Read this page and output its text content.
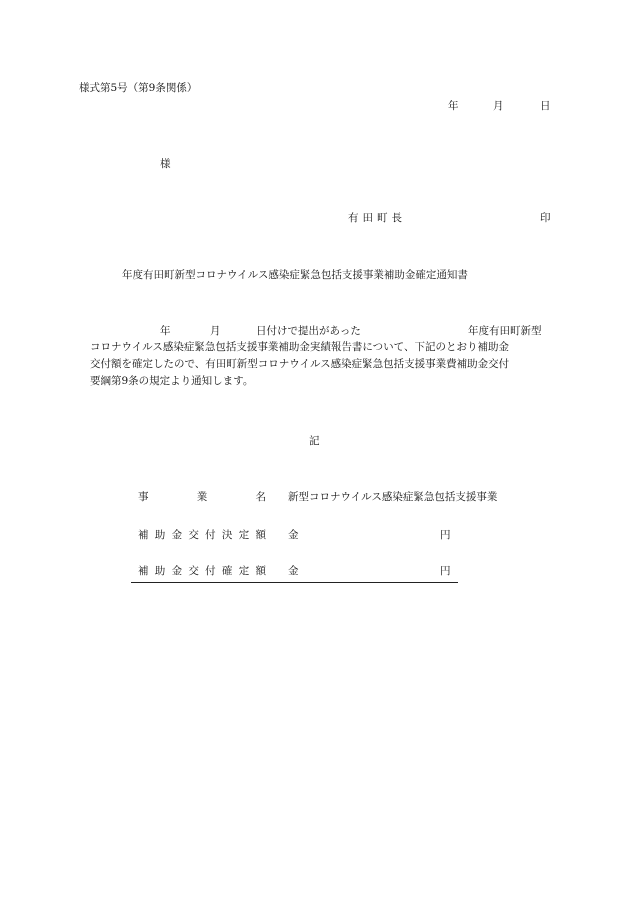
様式第5号（第9条関係）
年	月	日
様
有田町長	印
年度有田町新型コロナウイルス感染症緊急包括支援事業補助金確定通知書
年	月	日付けで提出があった	年度有田町新型
コロナウイルス感染症緊急包括支援事業補助金実績報告書について、下記のとおり補助金
交付額を確定したので、有田町新型コロナウイルス感染症緊急包括支援事業費補助金交付
要綱第9条の規定より通知します。
記
事	業	名 新型コロナウイルス感染症緊急包括支援事業
補 助 金 交 付 決 定 額 金	円
補 助 金 交 付 確 定 額 金	円
